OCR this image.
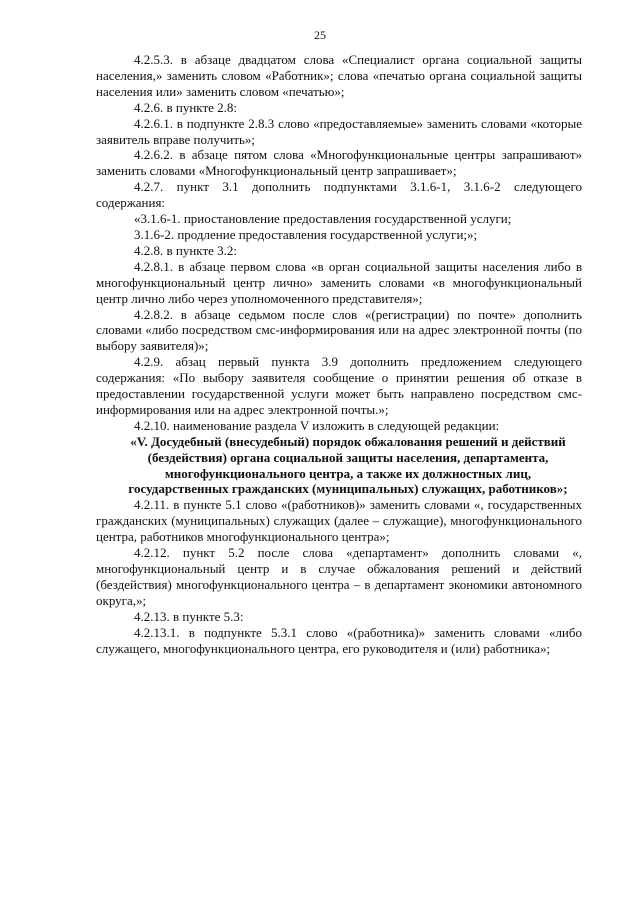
25

4.2.5.3. в абзаце двадцатом слова «Специалист органа социальной защиты населения,» заменить словом «Работник»; слова «печатью органа социальной защиты населения или» заменить словом «печатью»;

4.2.6. в пункте 2.8:

4.2.6.1. в подпункте 2.8.3 слово «предоставляемые» заменить словами «которые заявитель вправе получить»;

4.2.6.2. в абзаце пятом слова «Многофункциональные центры запрашивают» заменить словами «Многофункциональный центр запрашивает»;

4.2.7. пункт 3.1 дополнить подпунктами 3.1.6-1, 3.1.6-2 следующего содержания:

«3.1.6-1. приостановление предоставления государственной услуги;

3.1.6-2. продление предоставления государственной услуги;»;

4.2.8. в пункте 3.2:

4.2.8.1. в абзаце первом слова «в орган социальной защиты населения либо в многофункциональный центр лично» заменить словами «в многофункциональный центр лично либо через уполномоченного представителя»;

4.2.8.2. в абзаце седьмом после слов «(регистрации) по почте» дополнить словами «либо посредством смс-информирования или на адрес электронной почты (по выбору заявителя)»;

4.2.9. абзац первый пункта 3.9 дополнить предложением следующего содержания: «По выбору заявителя сообщение о принятии решения об отказе в предоставлении государственной услуги может быть направлено посредством смс-информирования или на адрес электронной почты.»;

4.2.10. наименование раздела V изложить в следующей редакции:

«V. Досудебный (внесудебный) порядок обжалования решений и действий (бездействия) органа социальной защиты населения, департамента, многофункционального центра, а также их должностных лиц, государственных гражданских (муниципальных) служащих, работников»;

4.2.11. в пункте 5.1 слово «(работников)» заменить словами «, государственных гражданских (муниципальных) служащих (далее – служащие), многофункционального центра, работников многофункционального центра»;

4.2.12. пункт 5.2 после слова «департамент» дополнить словами «, многофункциональный центр и в случае обжалования решений и действий (бездействия) многофункционального центра – в департамент экономики автономного округа,»;

4.2.13. в пункте 5.3:

4.2.13.1. в подпункте 5.3.1 слово «(работника)» заменить словами «либо служащего, многофункционального центра, его руководителя и (или) работника»;
